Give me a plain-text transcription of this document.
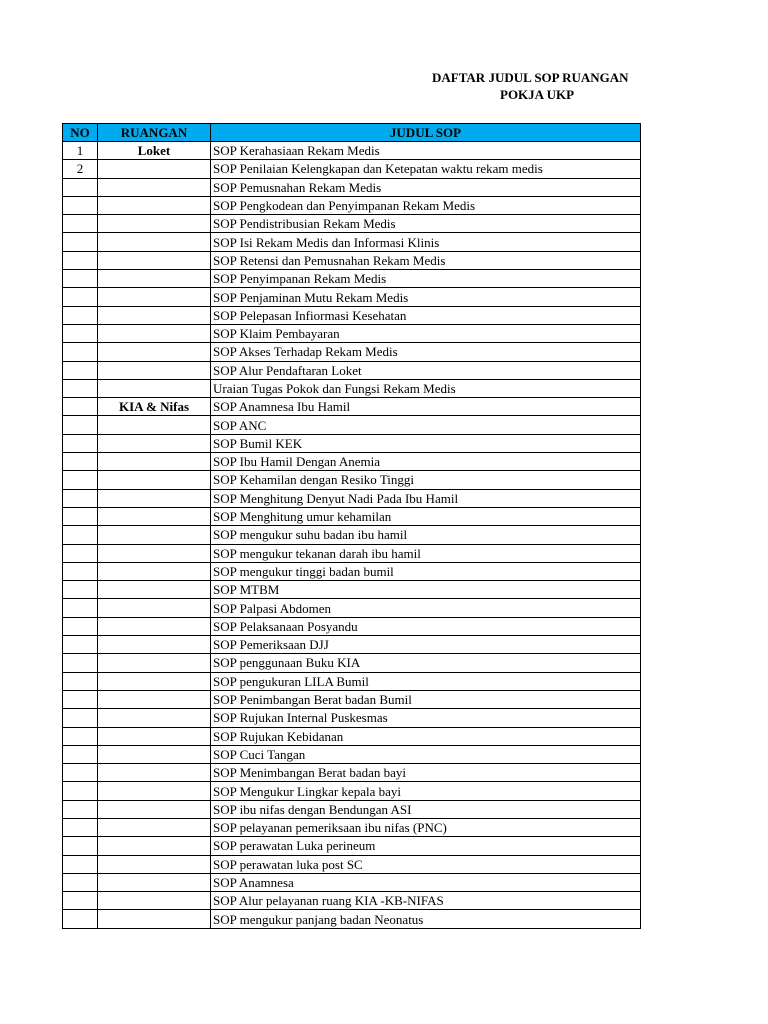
DAFTAR JUDUL SOP RUANGAN
POKJA UKP
NO	RUANGAN	JUDUL SOP
1	Loket	SOP Kerahasiaan Rekam Medis
2		SOP Penilaian Kelengkapan dan Ketepatan waktu rekam medis
		SOP Pemusnahan Rekam Medis
		SOP Pengkodean dan Penyimpanan Rekam Medis
		SOP Pendistribusian Rekam Medis
		SOP Isi Rekam Medis dan Informasi Klinis
		SOP Retensi dan Pemusnahan Rekam Medis
		SOP Penyimpanan Rekam Medis
		SOP Penjaminan Mutu Rekam Medis
		SOP Pelepasan Infiormasi Kesehatan
		SOP Klaim Pembayaran
		SOP Akses Terhadap Rekam Medis
		SOP Alur Pendaftaran Loket
		Uraian Tugas Pokok dan Fungsi Rekam Medis
	KIA & Nifas	SOP Anamnesa Ibu Hamil
		SOP ANC
		SOP Bumil KEK
		SOP Ibu Hamil Dengan Anemia
		SOP Kehamilan dengan Resiko Tinggi
		SOP Menghitung Denyut Nadi Pada Ibu Hamil
		SOP Menghitung umur kehamilan
		SOP mengukur suhu badan ibu hamil
		SOP mengukur tekanan darah ibu hamil
		SOP mengukur tinggi badan bumil
		SOP MTBM
		SOP Palpasi Abdomen
		SOP Pelaksanaan Posyandu
		SOP Pemeriksaan DJJ
		SOP penggunaan Buku KIA
		SOP pengukuran LILA Bumil
		SOP Penimbangan Berat badan Bumil
		SOP Rujukan Internal Puskesmas
		SOP Rujukan Kebidanan
		SOP Cuci Tangan
		SOP Menimbangan Berat badan bayi
		SOP Mengukur Lingkar kepala bayi
		SOP ibu nifas dengan Bendungan ASI
		SOP pelayanan pemeriksaan ibu nifas (PNC)
		SOP perawatan Luka perineum
		SOP perawatan luka post SC
		SOP Anamnesa
		SOP Alur pelayanan ruang KIA -KB-NIFAS
		SOP mengukur panjang badan Neonatus
